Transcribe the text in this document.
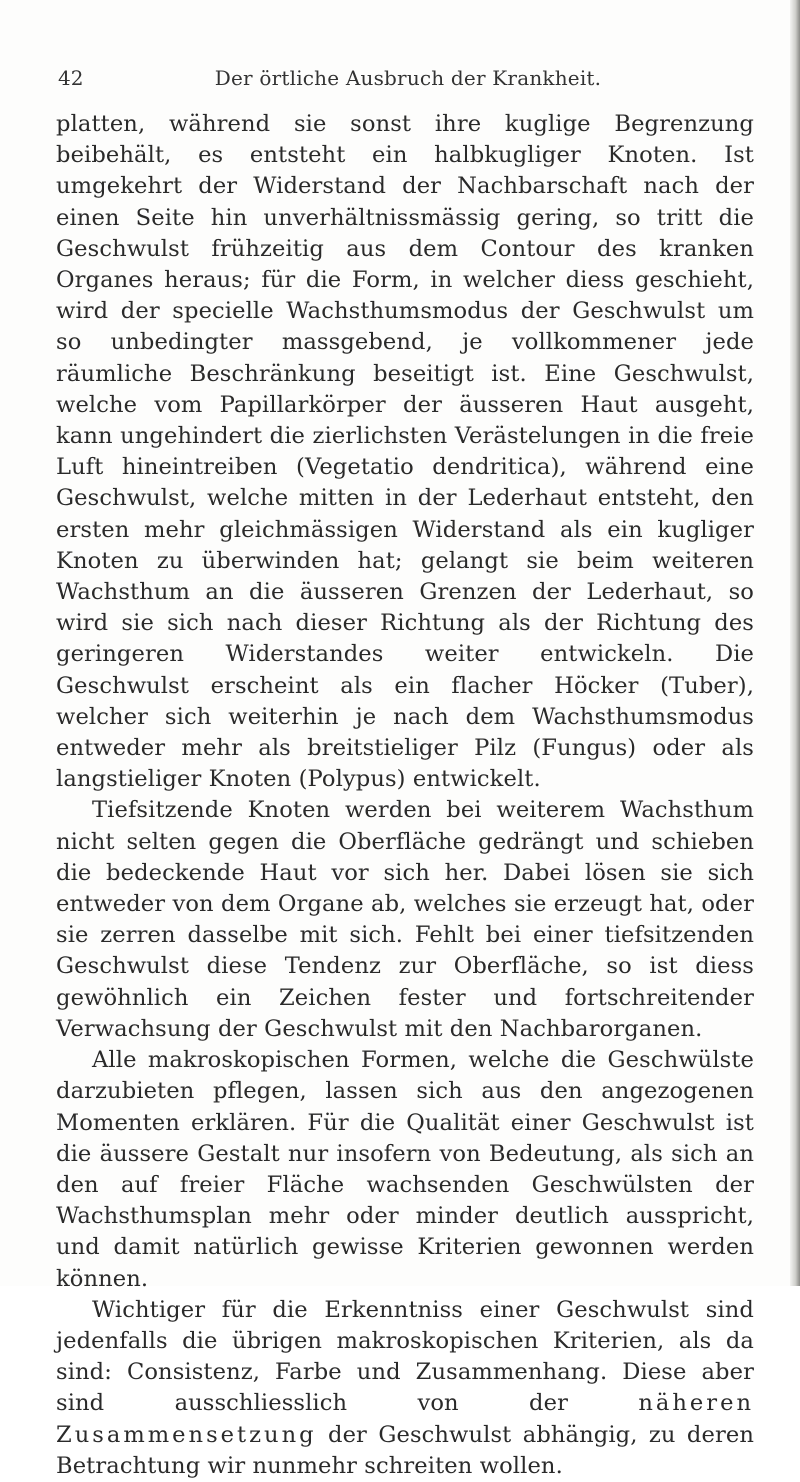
42	Der örtliche Ausbruch der Krankheit.

platten, während sie sonst ihre kuglige Begrenzung beibehält, es entsteht ein halbkugliger Knoten. Ist umgekehrt der Widerstand der Nachbarschaft nach der einen Seite hin unverhältnissmässig gering, so tritt die Geschwulst frühzeitig aus dem Contour des kranken Organes heraus; für die Form, in welcher diess geschieht, wird der specielle Wachsthumsmodus der Geschwulst um so unbedingter massgebend, je vollkommener jede räumliche Beschränkung beseitigt ist. Eine Geschwulst, welche vom Papillarkörper der äusseren Haut ausgeht, kann ungehindert die zierlichsten Verästelungen in die freie Luft hineintreiben (Vegetatio dendritica), während eine Geschwulst, welche mitten in der Lederhaut entsteht, den ersten mehr gleichmässigen Widerstand als ein kugliger Knoten zu überwinden hat; gelangt sie beim weiteren Wachsthum an die äusseren Grenzen der Lederhaut, so wird sie sich nach dieser Richtung als der Richtung des geringeren Widerstandes weiter entwickeln. Die Geschwulst erscheint als ein flacher Höcker (Tuber), welcher sich weiterhin je nach dem Wachsthumsmodus entweder mehr als breitstieliger Pilz (Fungus) oder als langstieliger Knoten (Polypus) entwickelt.

Tiefsitzende Knoten werden bei weiterem Wachsthum nicht selten gegen die Oberfläche gedrängt und schieben die bedeckende Haut vor sich her. Dabei lösen sie sich entweder von dem Organe ab, welches sie erzeugt hat, oder sie zerren dasselbe mit sich. Fehlt bei einer tiefsitzenden Geschwulst diese Tendenz zur Oberfläche, so ist diess gewöhnlich ein Zeichen fester und fortschreitender Verwachsung der Geschwulst mit den Nachbarorganen.

Alle makroskopischen Formen, welche die Geschwülste darzubieten pflegen, lassen sich aus den angezogenen Momenten erklären. Für die Qualität einer Geschwulst ist die äussere Gestalt nur insofern von Bedeutung, als sich an den auf freier Fläche wachsenden Geschwülsten der Wachsthumsplan mehr oder minder deutlich ausspricht, und damit natürlich gewisse Kriterien gewonnen werden können.

Wichtiger für die Erkenntniss einer Geschwulst sind jedenfalls die übrigen makroskopischen Kriterien, als da sind: Consistenz, Farbe und Zusammenhang. Diese aber sind ausschliesslich von der näheren Zusammensetzung der Geschwulst abhängig, zu deren Betrachtung wir nunmehr schreiten wollen.
